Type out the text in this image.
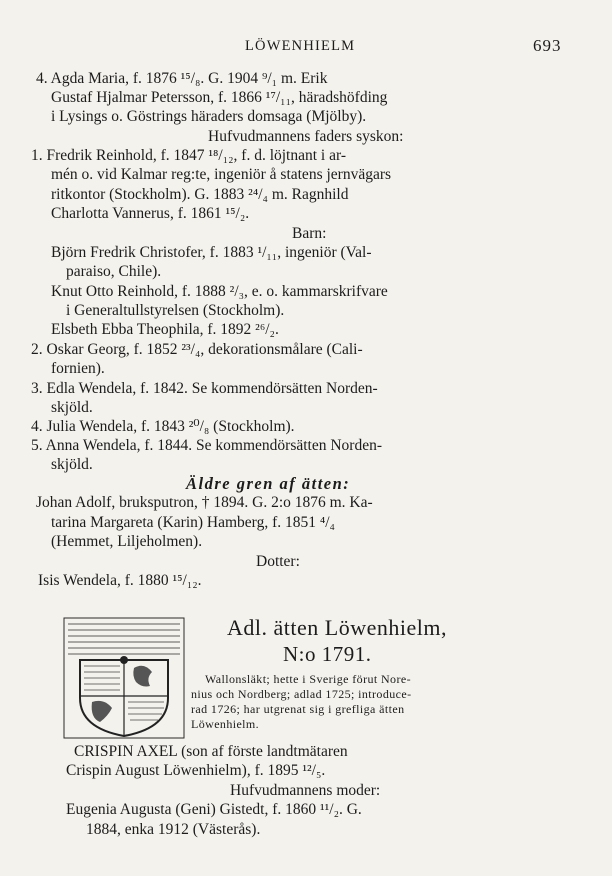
LÖWENHIELM	693
4. Agda Maria, f. 1876 ¹⁵/₈. G. 1904 ⁹/₁ m. Erik
Gustaf Hjalmar Petersson, f. 1866 ¹⁷/₁₁, häradshöfding
i Lysings o. Göstrings häraders domsaga (Mjölby).
Hufvudmannens faders syskon:
1. Fredrik Reinhold, f. 1847 ¹⁸/₁₂, f. d. löjtnant i ar-
mén o. vid Kalmar reg:te, ingeniör å statens jernvägars
ritkontor (Stockholm). G. 1883 ²⁴/₄ m. Ragnhild
Charlotta Vannerus, f. 1861 ¹⁵/₂.
Barn:
Björn Fredrik Christofer, f. 1883 ¹/₁₁, ingeniör (Val-
paraiso, Chile).
Knut Otto Reinhold, f. 1888 ²/₃, e. o. kammarskrifvare
i Generaltullstyrelsen (Stockholm).
Elsbeth Ebba Theophila, f. 1892 ²⁶/₂.
2. Oskar Georg, f. 1852 ²³/₄, dekorationsmålare (Cali-
fornien).
3. Edla Wendela, f. 1842. Se kommendörsätten Norden-
skjöld.
4. Julia Wendela, f. 1843 ²⁰/₈ (Stockholm).
5. Anna Wendela, f. 1844. Se kommendörsätten Norden-
skjöld.
Äldre gren af ätten:
Johan Adolf, bruksputron, † 1894. G. 2:o 1876 m. Ka-
tarina Margareta (Karin) Hamberg, f. 1851 ⁴/₄
(Hemmet, Liljeholmen).
Dotter:
Isis Wendela, f. 1880 ¹⁵/₁₂.
Adl. ätten Löwenhielm,
N:o 1791.
Wallonsläkt; hette i Sverige förut Nore-
nius och Nordberg; adlad 1725; introduce-
rad 1726; har utgrenat sig i grefliga ätten
Löwenhielm.
CRISPIN AXEL (son af förste landtmätaren
Crispin August Löwenhielm), f. 1895 ¹²/₅.
Hufvudmannens moder:
Eugenia Augusta (Geni) Gistedt, f. 1860 ¹¹/₂. G.
1884, enka 1912 (Västerås).
